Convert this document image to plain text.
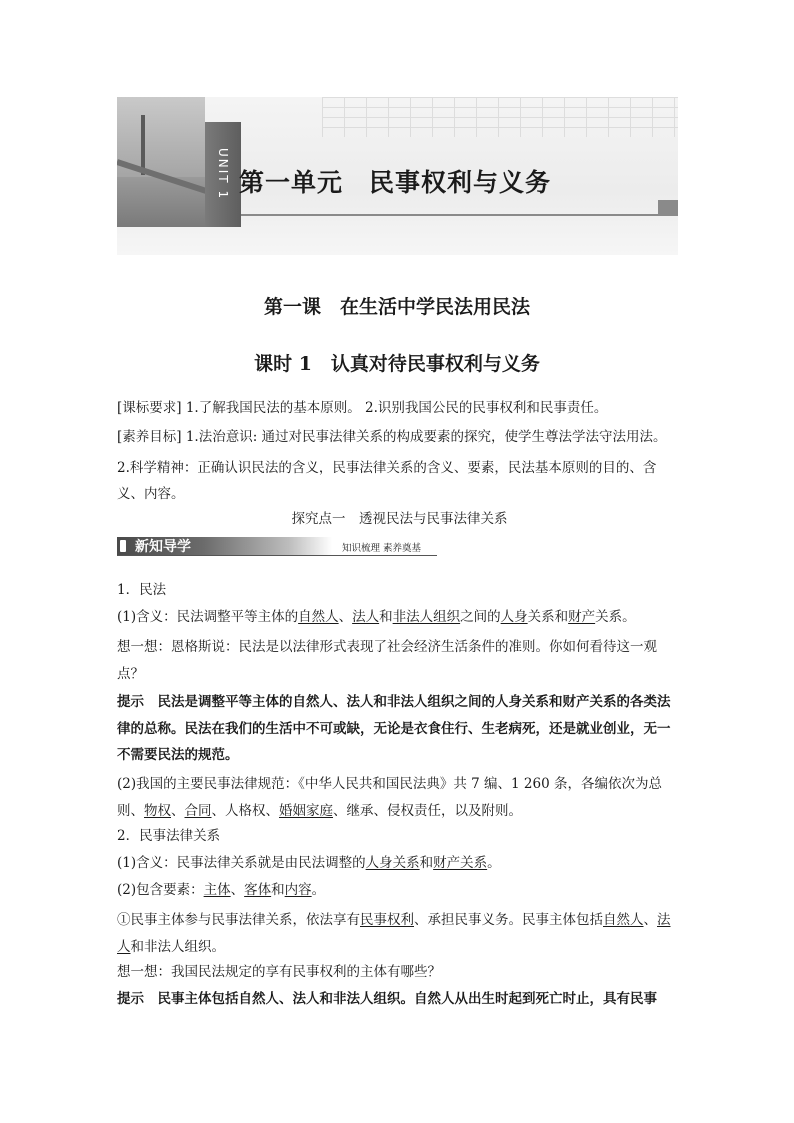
UNIT 1 第一单元　民事权利与义务
第一课　在生活中学民法用民法
课时 1　认真对待民事权利与义务
[课标要求] 1.了解我国民法的基本原则。 2.识别我国公民的民事权利和民事责任。
[素养目标] 1.法治意识: 通过对民事法律关系的构成要素的探究，使学生尊法学法守法用法。
2.科学精神：正确认识民法的含义，民事法律关系的含义、要素，民法基本原则的目的、含义、内容。
探究点一　透视民法与民事法律关系
新知导学	知识梳理 素养奠基
1．民法
(1)含义：民法调整平等主体的自然人、法人和非法人组织之间的人身关系和财产关系。
想一想：恩格斯说：民法是以法律形式表现了社会经济生活条件的准则。你如何看待这一观点？
提示　民法是调整平等主体的自然人、法人和非法人组织之间的人身关系和财产关系的各类法律的总称。民法在我们的生活中不可或缺，无论是衣食住行、生老病死，还是就业创业，无一不需要民法的规范。
(2)我国的主要民事法律规范：《中华人民共和国民法典》共 7 编、1 260 条，各编依次为总则、物权、合同、人格权、婚姻家庭、继承、侵权责任，以及附则。
2．民事法律关系
(1)含义：民事法律关系就是由民法调整的人身关系和财产关系。
(2)包含要素：主体、客体和内容。
①民事主体参与民事法律关系，依法享有民事权利、承担民事义务。民事主体包括自然人、法人和非法人组织。
想一想：我国民法规定的享有民事权利的主体有哪些？
提示　民事主体包括自然人、法人和非法人组织。自然人从出生时起到死亡时止，具有民事
